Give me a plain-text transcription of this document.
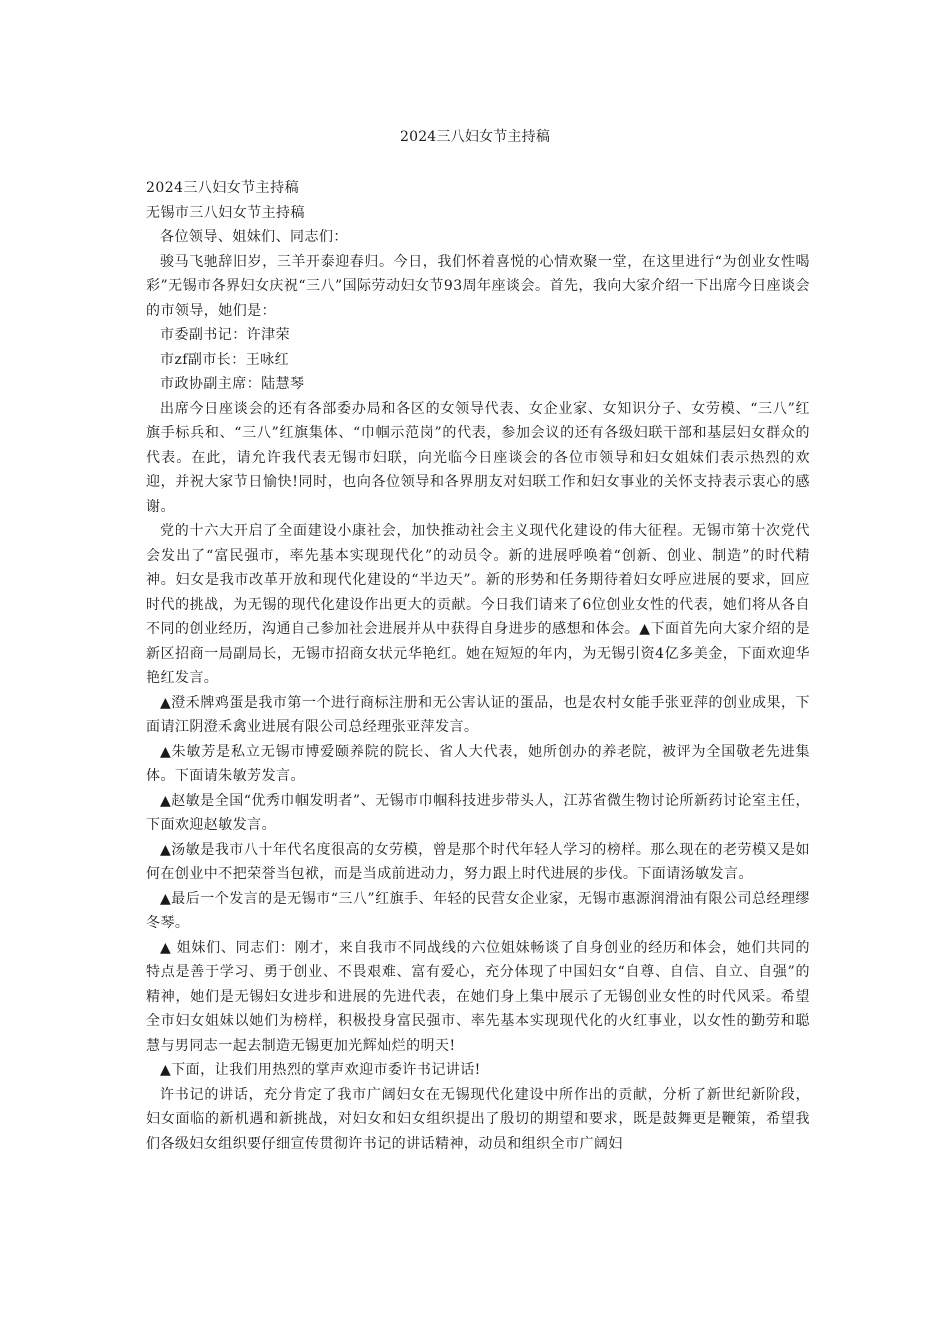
2024三八妇女节主持稿

2024三八妇女节主持稿

无锡市三八妇女节主持稿

各位领导、姐妹们、同志们：

骏马飞驰辞旧岁，三羊开泰迎春归。今日，我们怀着喜悦的心情欢聚一堂，在这里进行“为创业女性喝彩”无锡市各界妇女庆祝“三八”国际劳动妇女节93周年座谈会。首先，我向大家介绍一下出席今日座谈会的市领导，她们是：

市委副书记：许津荣

市zf副市长：王咏红

市政协副主席：陆慧琴

出席今日座谈会的还有各部委办局和各区的女领导代表、女企业家、女知识分子、女劳模、“三八”红旗手标兵和、“三八”红旗集体、“巾帼示范岗”的代表，参加会议的还有各级妇联干部和基层妇女群众的代表。在此，请允许我代表无锡市妇联，向光临今日座谈会的各位市领导和妇女姐妹们表示热烈的欢迎，并祝大家节日愉快!同时，也向各位领导和各界朋友对妇联工作和妇女事业的关怀支持表示衷心的感谢。

党的十六大开启了全面建设小康社会，加快推动社会主义现代化建设的伟大征程。无锡市第十次党代会发出了“富民强市，率先基本实现现代化”的动员令。新的进展呼唤着“创新、创业、制造”的时代精神。妇女是我市改革开放和现代化建设的“半边天”。新的形势和任务期待着妇女呼应进展的要求，回应时代的挑战，为无锡的现代化建设作出更大的贡献。今日我们请来了6位创业女性的代表，她们将从各自不同的创业经历，沟通自己参加社会进展并从中获得自身进步的感想和体会。▲下面首先向大家介绍的是新区招商一局副局长，无锡市招商女状元华艳红。她在短短的年内，为无锡引资4亿多美金，下面欢迎华艳红发言。

▲澄禾牌鸡蛋是我市第一个进行商标注册和无公害认证的蛋品，也是农村女能手张亚萍的创业成果，下面请江阴澄禾禽业进展有限公司总经理张亚萍发言。

▲朱敏芳是私立无锡市博爱颐养院的院长、省人大代表，她所创办的养老院，被评为全国敬老先进集体。下面请朱敏芳发言。

▲赵敏是全国“优秀巾帼发明者”、无锡市巾帼科技进步带头人，江苏省微生物讨论所新药讨论室主任，下面欢迎赵敏发言。

▲汤敏是我市八十年代名度很高的女劳模，曾是那个时代年轻人学习的榜样。那么现在的老劳模又是如何在创业中不把荣誉当包袱，而是当成前进动力，努力跟上时代进展的步伐。下面请汤敏发言。

▲最后一个发言的是无锡市“三八”红旗手、年轻的民营女企业家，无锡市惠源润滑油有限公司总经理缪冬琴。

▲ 姐妹们、同志们：刚才，来自我市不同战线的六位姐妹畅谈了自身创业的经历和体会，她们共同的特点是善于学习、勇于创业、不畏艰难、富有爱心，充分体现了中国妇女“自尊、自信、自立、自强”的精神，她们是无锡妇女进步和进展的先进代表，在她们身上集中展示了无锡创业女性的时代风采。希望全市妇女姐妹以她们为榜样，积极投身富民强市、率先基本实现现代化的火红事业，以女性的勤劳和聪慧与男同志一起去制造无锡更加光辉灿烂的明天!

▲下面，让我们用热烈的掌声欢迎市委许书记讲话!

许书记的讲话，充分肯定了我市广阔妇女在无锡现代化建设中所作出的贡献，分析了新世纪新阶段，妇女面临的新机遇和新挑战，对妇女和妇女组织提出了殷切的期望和要求，既是鼓舞更是鞭策，希望我们各级妇女组织要仔细宣传贯彻许书记的讲话精神，动员和组织全市广阔妇
